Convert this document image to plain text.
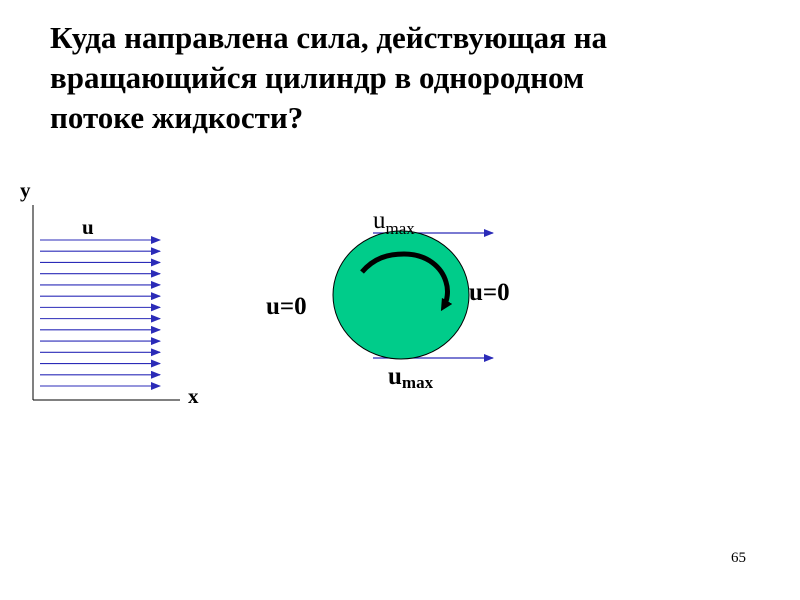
Куда направлена сила, действующая на
вращающийся цилиндр в однородном
потоке жидкости?
y
x
u	$u_{max}$
umax
u=0
u=0
65
